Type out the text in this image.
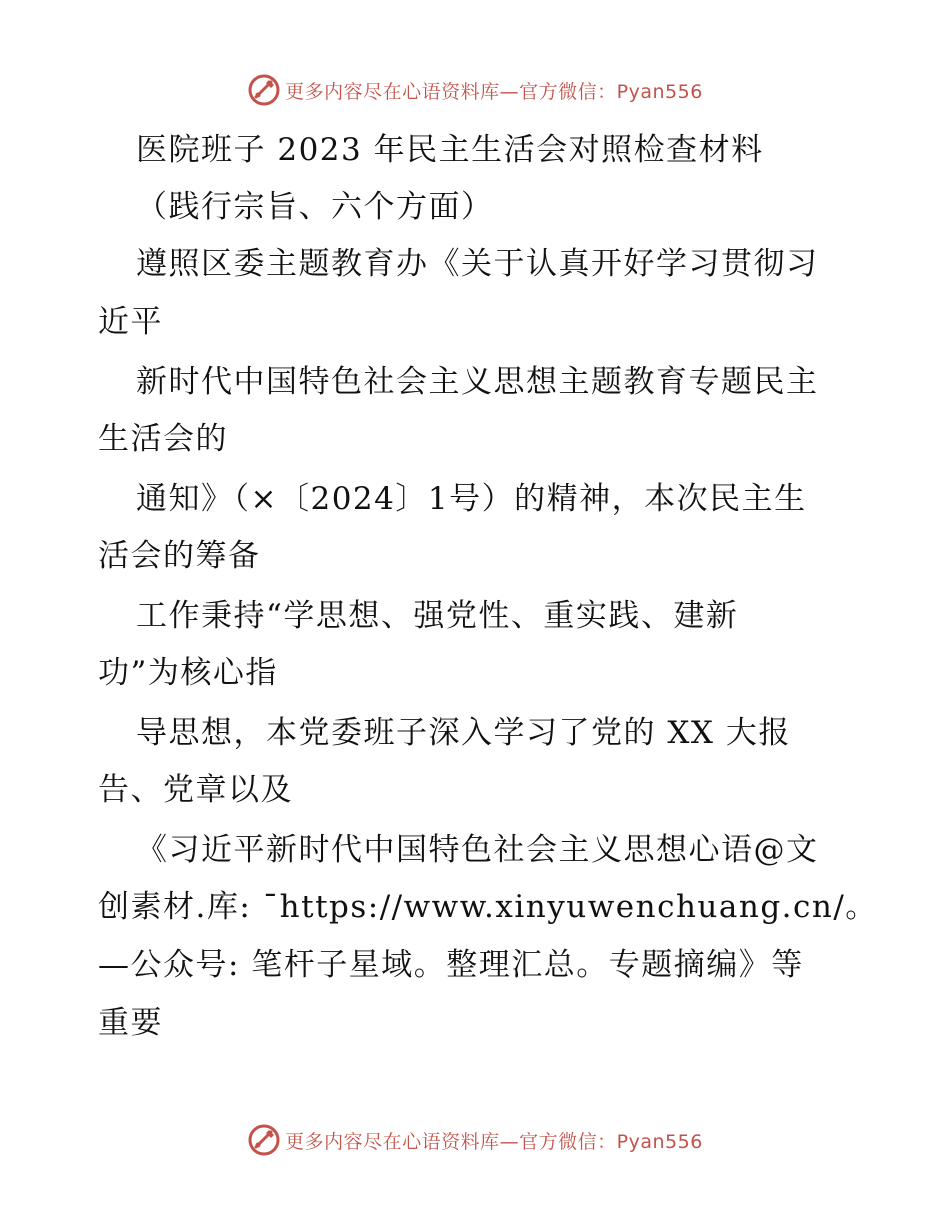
更多内容尽在心语资料库—官方微信：Pyan556
医院班子 2023 年民主生活会对照检查材料
（践行宗旨、六个方面）
遵照区委主题教育办《关于认真开好学习贯彻习
近平
新时代中国特色社会主义思想主题教育专题民主
生活会的
通知》（×〔2024〕1号）的精神，本次民主生
活会的筹备
工作秉持“学思想、强党性、重实践、建新
功”为核心指
导思想，本党委班子深入学习了党的 XX 大报
告、党章以及
《习近平新时代中国特色社会主义思想心语@文
创素材.库: ¯https://www.xinyuwenchuang.cn/。
—公众号: 笔杆子星域。整理汇总。专题摘编》等
重要
更多内容尽在心语资料库—官方微信：Pyan556
